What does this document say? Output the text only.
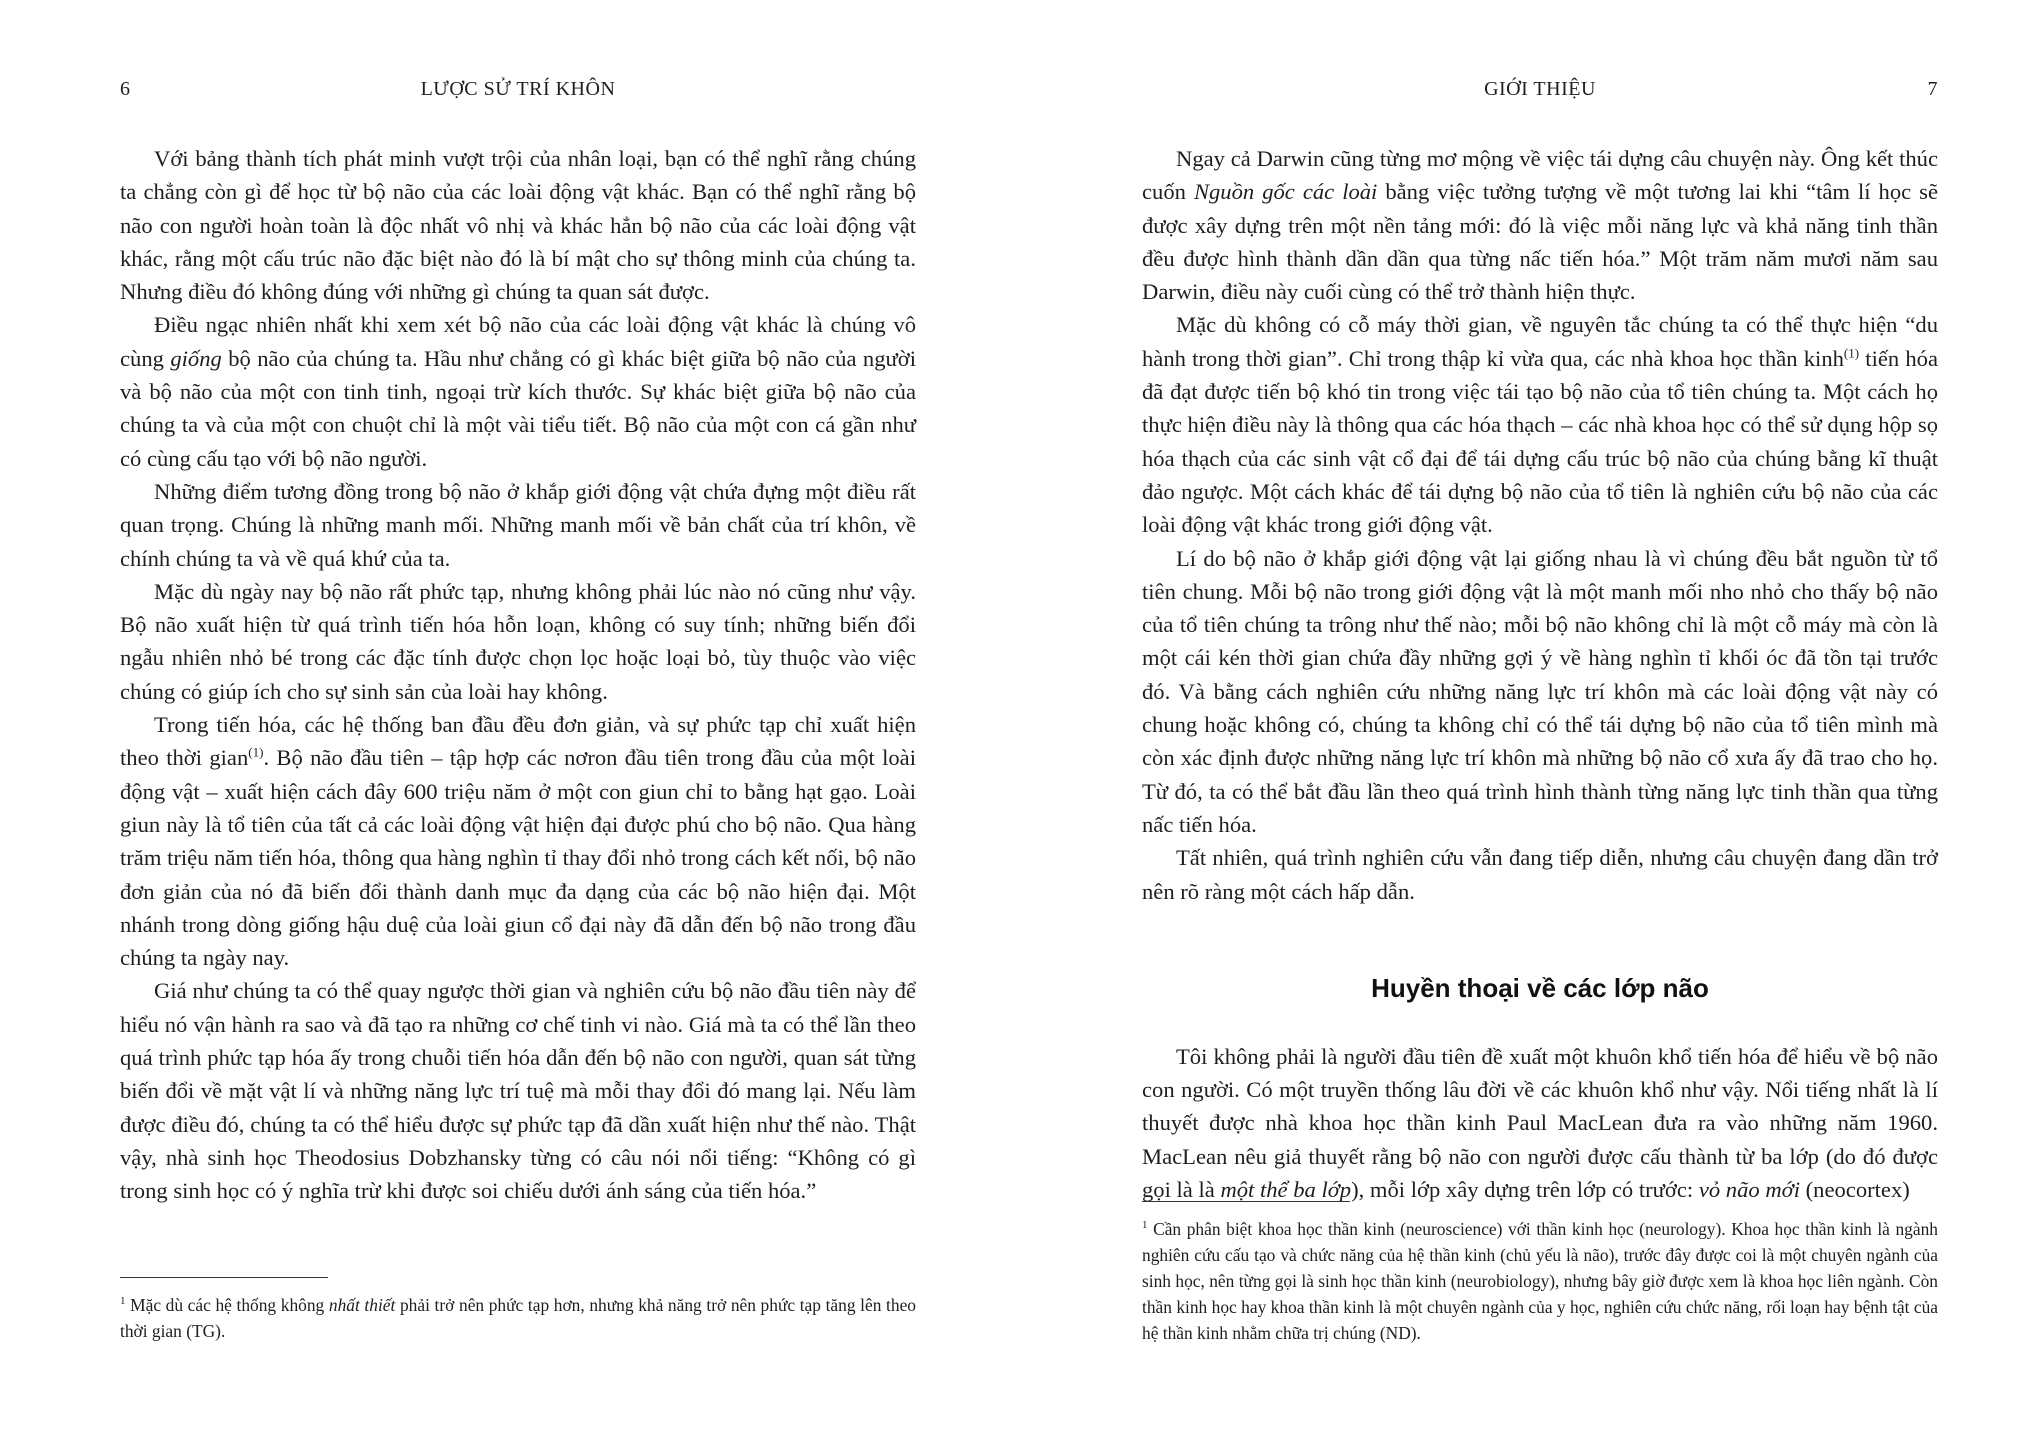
6	LƯỢC SỬ TRÍ KHÔN

Với bảng thành tích phát minh vượt trội của nhân loại, bạn có thể nghĩ rằng chúng ta chẳng còn gì để học từ bộ não của các loài động vật khác. Bạn có thể nghĩ rằng bộ não con người hoàn toàn là độc nhất vô nhị và khác hẳn bộ não của các loài động vật khác, rằng một cấu trúc não đặc biệt nào đó là bí mật cho sự thông minh của chúng ta. Nhưng điều đó không đúng với những gì chúng ta quan sát được.

Điều ngạc nhiên nhất khi xem xét bộ não của các loài động vật khác là chúng vô cùng giống bộ não của chúng ta. Hầu như chẳng có gì khác biệt giữa bộ não của người và bộ não của một con tinh tinh, ngoại trừ kích thước. Sự khác biệt giữa bộ não của chúng ta và của một con chuột chỉ là một vài tiểu tiết. Bộ não của một con cá gần như có cùng cấu tạo với bộ não người.

Những điểm tương đồng trong bộ não ở khắp giới động vật chứa đựng một điều rất quan trọng. Chúng là những manh mối. Những manh mối về bản chất của trí khôn, về chính chúng ta và về quá khứ của ta.

Mặc dù ngày nay bộ não rất phức tạp, nhưng không phải lúc nào nó cũng như vậy. Bộ não xuất hiện từ quá trình tiến hóa hỗn loạn, không có suy tính; những biến đổi ngẫu nhiên nhỏ bé trong các đặc tính được chọn lọc hoặc loại bỏ, tùy thuộc vào việc chúng có giúp ích cho sự sinh sản của loài hay không.

Trong tiến hóa, các hệ thống ban đầu đều đơn giản, và sự phức tạp chỉ xuất hiện theo thời gian$^{(1)}$. Bộ não đầu tiên – tập hợp các nơron đầu tiên trong đầu của một loài động vật – xuất hiện cách đây 600 triệu năm ở một con giun chỉ to bằng hạt gạo. Loài giun này là tổ tiên của tất cả các loài động vật hiện đại được phú cho bộ não. Qua hàng trăm triệu năm tiến hóa, thông qua hàng nghìn tỉ thay đổi nhỏ trong cách kết nối, bộ não đơn giản của nó đã biến đổi thành danh mục đa dạng của các bộ não hiện đại. Một nhánh trong dòng giống hậu duệ của loài giun cổ đại này đã dẫn đến bộ não trong đầu chúng ta ngày nay.

Giá như chúng ta có thể quay ngược thời gian và nghiên cứu bộ não đầu tiên này để hiểu nó vận hành ra sao và đã tạo ra những cơ chế tinh vi nào. Giá mà ta có thể lần theo quá trình phức tạp hóa ấy trong chuỗi tiến hóa dẫn đến bộ não con người, quan sát từng biến đổi về mặt vật lí và những năng lực trí tuệ mà mỗi thay đổi đó mang lại. Nếu làm được điều đó, chúng ta có thể hiểu được sự phức tạp đã dần xuất hiện như thế nào. Thật vậy, nhà sinh học Theodosius Dobzhansky từng có câu nói nổi tiếng: “Không có gì trong sinh học có ý nghĩa trừ khi được soi chiếu dưới ánh sáng của tiến hóa.”

$^1$ Mặc dù các hệ thống không nhất thiết phải trở nên phức tạp hơn, nhưng khả năng trở nên phức tạp tăng lên theo thời gian (TG).

GIỚI THIỆU	7

Ngay cả Darwin cũng từng mơ mộng về việc tái dựng câu chuyện này. Ông kết thúc cuốn Nguồn gốc các loài bằng việc tưởng tượng về một tương lai khi “tâm lí học sẽ được xây dựng trên một nền tảng mới: đó là việc mỗi năng lực và khả năng tinh thần đều được hình thành dần dần qua từng nấc tiến hóa.” Một trăm năm mươi năm sau Darwin, điều này cuối cùng có thể trở thành hiện thực.

Mặc dù không có cỗ máy thời gian, về nguyên tắc chúng ta có thể thực hiện “du hành trong thời gian”. Chỉ trong thập kỉ vừa qua, các nhà khoa học thần kinh$^{(1)}$ tiến hóa đã đạt được tiến bộ khó tin trong việc tái tạo bộ não của tổ tiên chúng ta. Một cách họ thực hiện điều này là thông qua các hóa thạch – các nhà khoa học có thể sử dụng hộp sọ hóa thạch của các sinh vật cổ đại để tái dựng cấu trúc bộ não của chúng bằng kĩ thuật đảo ngược. Một cách khác để tái dựng bộ não của tổ tiên là nghiên cứu bộ não của các loài động vật khác trong giới động vật.

Lí do bộ não ở khắp giới động vật lại giống nhau là vì chúng đều bắt nguồn từ tổ tiên chung. Mỗi bộ não trong giới động vật là một manh mối nho nhỏ cho thấy bộ não của tổ tiên chúng ta trông như thế nào; mỗi bộ não không chỉ là một cỗ máy mà còn là một cái kén thời gian chứa đầy những gợi ý về hàng nghìn tỉ khối óc đã tồn tại trước đó. Và bằng cách nghiên cứu những năng lực trí khôn mà các loài động vật này có chung hoặc không có, chúng ta không chỉ có thể tái dựng bộ não của tổ tiên mình mà còn xác định được những năng lực trí khôn mà những bộ não cổ xưa ấy đã trao cho họ. Từ đó, ta có thể bắt đầu lần theo quá trình hình thành từng năng lực tinh thần qua từng nấc tiến hóa.

Tất nhiên, quá trình nghiên cứu vẫn đang tiếp diễn, nhưng câu chuyện đang dần trở nên rõ ràng một cách hấp dẫn.

Huyền thoại về các lớp não

Tôi không phải là người đầu tiên đề xuất một khuôn khổ tiến hóa để hiểu về bộ não con người. Có một truyền thống lâu đời về các khuôn khổ như vậy. Nổi tiếng nhất là lí thuyết được nhà khoa học thần kinh Paul MacLean đưa ra vào những năm 1960. MacLean nêu giả thuyết rằng bộ não con người được cấu thành từ ba lớp (do đó được gọi là là một thể ba lớp), mỗi lớp xây dựng trên lớp có trước: vỏ não mới (neocortex)

$^1$ Cần phân biệt khoa học thần kinh (neuroscience) với thần kinh học (neurology). Khoa học thần kinh là ngành nghiên cứu cấu tạo và chức năng của hệ thần kinh (chủ yếu là não), trước đây được coi là một chuyên ngành của sinh học, nên từng gọi là sinh học thần kinh (neurobiology), nhưng bây giờ được xem là khoa học liên ngành. Còn thần kinh học hay khoa thần kinh là một chuyên ngành của y học, nghiên cứu chức năng, rối loạn hay bệnh tật của hệ thần kinh nhằm chữa trị chúng (ND).
